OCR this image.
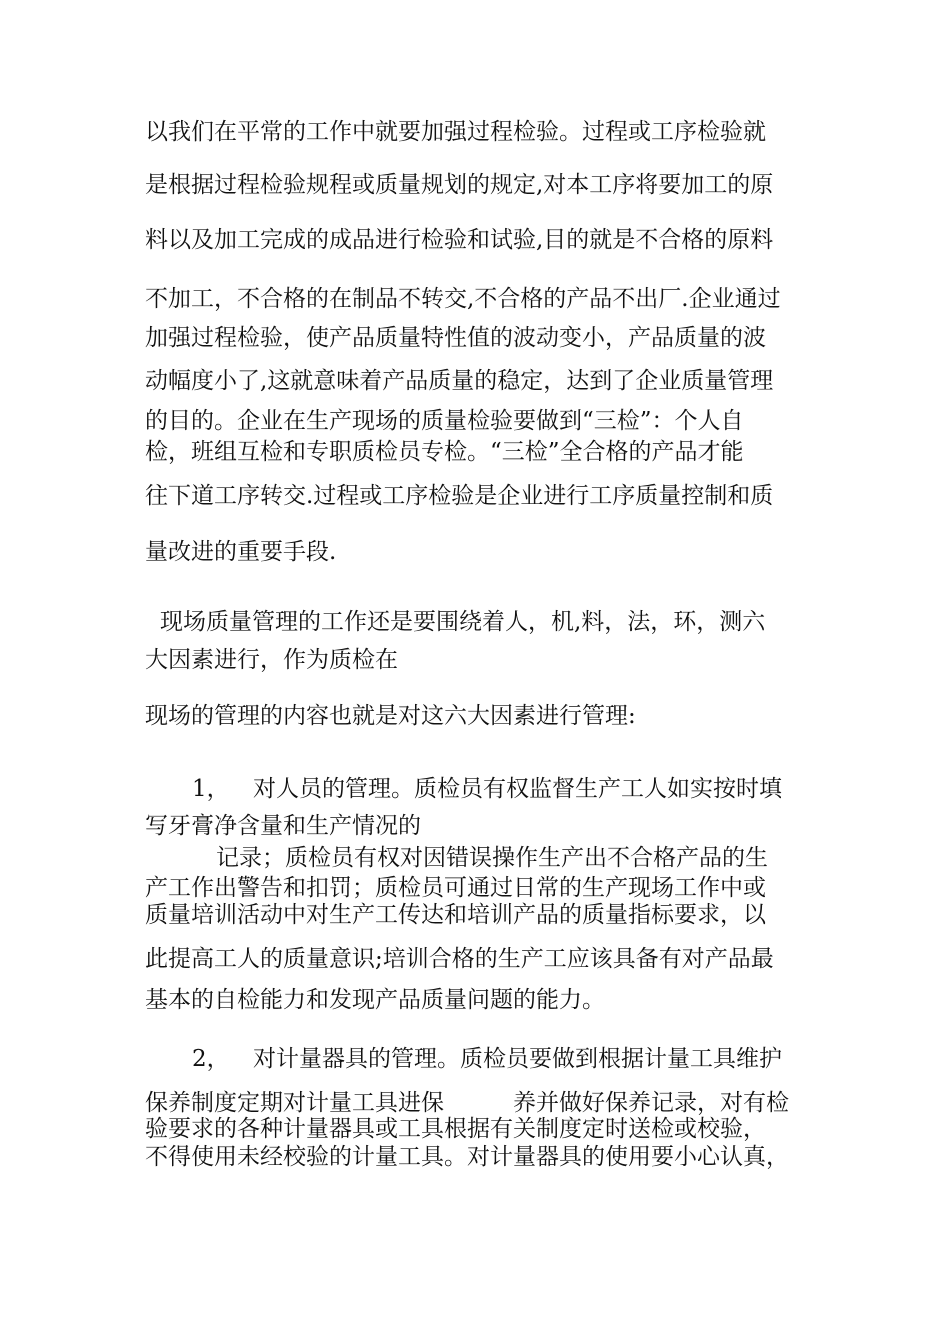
以我们在平常的工作中就要加强过程检验。过程或工序检验就
是根据过程检验规程或质量规划的规定,对本工序将要加工的原
料以及加工完成的成品进行检验和试验,目的就是不合格的原料
不加工，不合格的在制品不转交,不合格的产品不出厂.企业通过
加强过程检验，使产品质量特性值的波动变小，产品质量的波
动幅度小了,这就意味着产品质量的稳定，达到了企业质量管理
的目的。企业在生产现场的质量检验要做到“三检”：个人自
检，班组互检和专职质检员专检。“三检”全合格的产品才能
往下道工序转交.过程或工序检验是企业进行工序质量控制和质
量改进的重要手段.
现场质量管理的工作还是要围绕着人，机,料，法，环，测六
大因素进行，作为质检在
现场的管理的内容也就是对这六大因素进行管理:
1， 对人员的管理。质检员有权监督生产工人如实按时填
写牙膏净含量和生产情况的
记录；质检员有权对因错误操作生产出不合格产品的生
产工作出警告和扣罚；质检员可通过日常的生产现场工作中或
质量培训活动中对生产工传达和培训产品的质量指标要求，以
此提高工人的质量意识;培训合格的生产工应该具备有对产品最
基本的自检能力和发现产品质量问题的能力。
2， 对计量器具的管理。质检员要做到根据计量工具维护
保养制度定期对计量工具进保	养并做好保养记录，对有检
验要求的各种计量器具或工具根据有关制度定时送检或校验，
不得使用未经校验的计量工具。对计量器具的使用要小心认真，
